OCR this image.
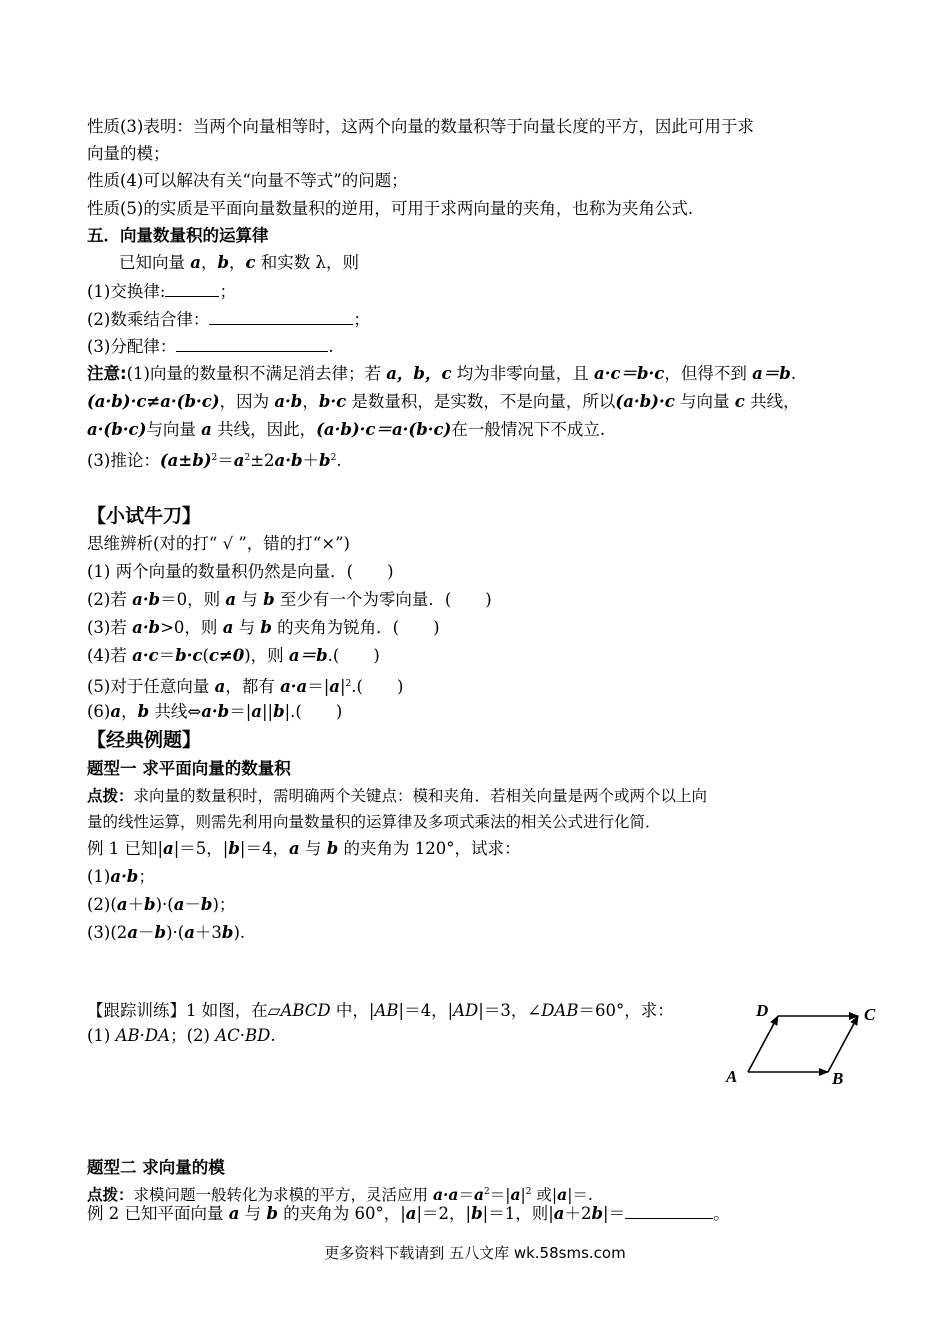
性质(3)表明：当两个向量相等时，这两个向量的数量积等于向量长度的平方，因此可用于求
向量的模；
性质(4)可以解决有关“向量不等式”的问题；
性质(5)的实质是平面向量数量积的逆用，可用于求两向量的夹角，也称为夹角公式.
五．向量数量积的运算律
已知向量 a，b，c 和实数 λ，则
(1)交换律:	；
(2)数乘结合律：	；
(3)分配律：	.
注意:(1)向量的数量积不满足消去律；若 a，b，c 均为非零向量，且 a·c＝b·c，但得不到 a＝b.
(a·b)·c≠a·(b·c)，因为 a·b，b·c 是数量积，是实数，不是向量，所以(a·b)·c 与向量 c 共线，
a·(b·c)与向量 a 共线，因此，(a·b)·c＝a·(b·c)在一般情况下不成立.
(3)推论：$(a\pm b)^2=a^2\pm 2a\cdot b+b^2$.
【小试牛刀】
思维辨析(对的打“ √ ”，错的打“×”)
(1) 两个向量的数量积仍然是向量．( )
(2)若 a·b＝0，则 a 与 b 至少有一个为零向量．( )
(3)若 a·b>0，则 a 与 b 的夹角为锐角．( )
(4)若 a·c＝b·c(c≠0)，则 a＝b.( )
(5)对于任意向量 a，都有 $a\cdot a=|a|^2$.( )
(6)a，b 共线⇔a·b＝|a||b|.( )
【经典例题】
题型一 求平面向量的数量积
点拨：求向量的数量积时，需明确两个关键点：模和夹角．若相关向量是两个或两个以上向
量的线性运算，则需先利用向量数量积的运算律及多项式乘法的相关公式进行化简．
例 1 已知|a|＝5，|b|＝4，a 与 b 的夹角为 120°，试求：
(1)a·b；
(2)(a＋b)·(a－b)；
(3)(2a－b)·(a＋3b).
【跟踪训练】1 如图，在▱ABCD 中，|AB|＝4，|AD|＝3，∠DAB＝60°，求：
(1) AB·DA；(2) AC·BD.
A	B
C
D
题型二 求向量的模
点拨：求模问题一般转化为求模的平方，灵活应用 $a\cdot a=a^2=|a|^2$ 或|a|＝.
例 2 已知平面向量 a 与 b 的夹角为 60°，|a|＝2，|b|＝1，则|a＋2b|＝	。
更多资料下载请到 五八文库 wk.58sms.com
